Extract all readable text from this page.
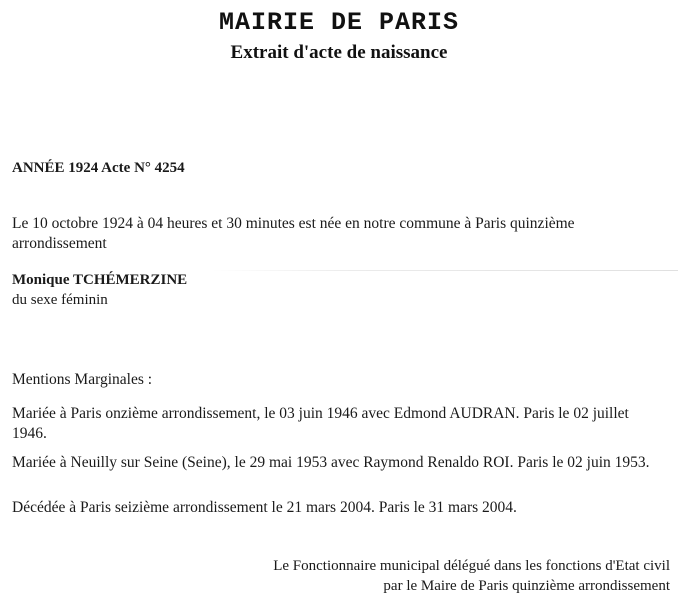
MAIRIE DE PARIS
Extrait d'acte de naissance
ANNÉE 1924 Acte N° 4254
Le 10 octobre 1924 à 04 heures et 30 minutes est née en notre commune à Paris quinzième arrondissement
Monique TCHÉMERZINE
du sexe féminin
Mentions Marginales :
Mariée à Paris onzième arrondissement, le 03 juin 1946 avec Edmond AUDRAN. Paris le 02 juillet 1946.
Mariée à Neuilly sur Seine (Seine), le 29 mai 1953 avec Raymond Renaldo ROI. Paris le 02 juin 1953.
Décédée à Paris seizième arrondissement le 21 mars 2004. Paris le 31 mars 2004.
Le Fonctionnaire municipal délégué dans les fonctions d'Etat civil
par le Maire de Paris quinzième arrondissement
